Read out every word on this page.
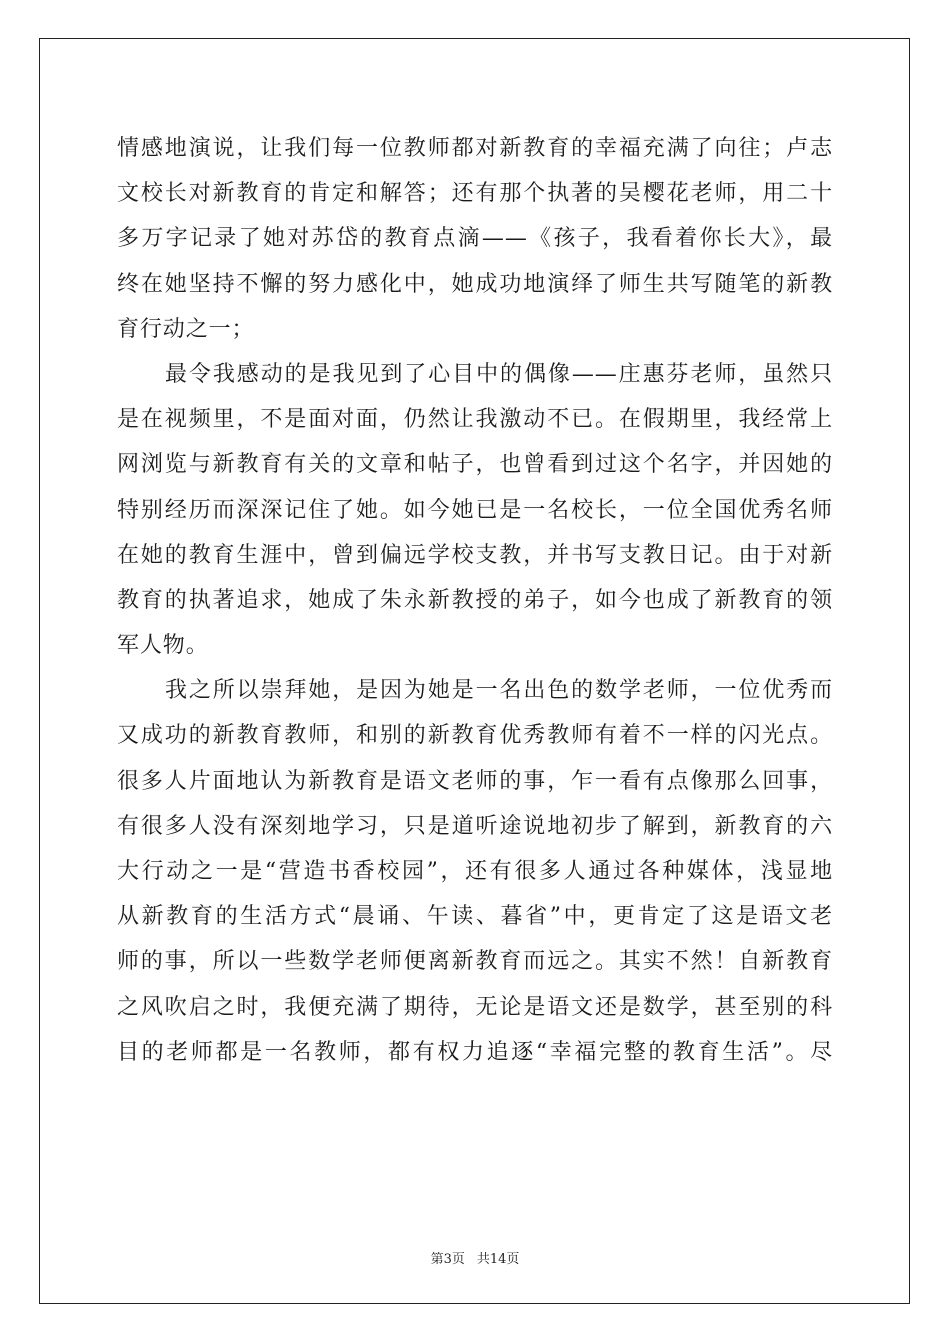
情感地演说，让我们每一位教师都对新教育的幸福充满了向往；卢志
文校长对新教育的肯定和解答；还有那个执著的吴樱花老师，用二十
多万字记录了她对苏岱的教育点滴——《孩子，我看着你长大》，最
终在她坚持不懈的努力感化中，她成功地演绎了师生共写随笔的新教
育行动之一；
最令我感动的是我见到了心目中的偶像——庄惠芬老师，虽然只
是在视频里，不是面对面，仍然让我激动不已。在假期里，我经常上
网浏览与新教育有关的文章和帖子，也曾看到过这个名字，并因她的
特别经历而深深记住了她。如今她已是一名校长，一位全国优秀名师
在她的教育生涯中，曾到偏远学校支教，并书写支教日记。由于对新
教育的执著追求，她成了朱永新教授的弟子，如今也成了新教育的领
军人物。
我之所以崇拜她，是因为她是一名出色的数学老师，一位优秀而
又成功的新教育教师，和别的新教育优秀教师有着不一样的闪光点。
很多人片面地认为新教育是语文老师的事，乍一看有点像那么回事，
有很多人没有深刻地学习，只是道听途说地初步了解到，新教育的六
大行动之一是“营造书香校园”，还有很多人通过各种媒体，浅显地
从新教育的生活方式“晨诵、午读、暮省”中，更肯定了这是语文老
师的事，所以一些数学老师便离新教育而远之。其实不然！自新教育
之风吹启之时，我便充满了期待，无论是语文还是数学，甚至别的科
目的老师都是一名教师，都有权力追逐“幸福完整的教育生活”。尽
第3页 共14页
